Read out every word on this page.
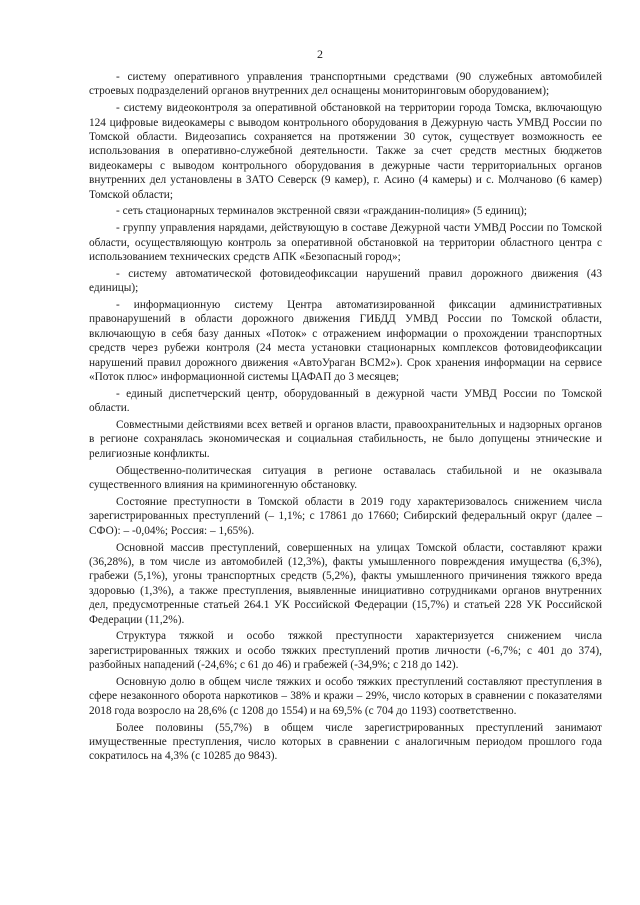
2

- систему оперативного управления транспортными средствами (90 служебных автомобилей строевых подразделений органов внутренних дел оснащены мониторинговым оборудованием);

- систему видеоконтроля за оперативной обстановкой на территории города Томска, включающую 124 цифровые видеокамеры с выводом контрольного оборудования в Дежурную часть УМВД России по Томской области. Видеозапись сохраняется на протяжении 30 суток, существует возможность ее использования в оперативно-служебной деятельности. Также за счет средств местных бюджетов видеокамеры с выводом контрольного оборудования в дежурные части территориальных органов внутренних дел установлены в ЗАТО Северск (9 камер), г. Асино (4 камеры) и с. Молчаново (6 камер) Томской области;

- сеть стационарных терминалов экстренной связи «гражданин-полиция» (5 единиц);

- группу управления нарядами, действующую в составе Дежурной части УМВД России по Томской области, осуществляющую контроль за оперативной обстановкой на территории областного центра с использованием технических средств АПК «Безопасный город»;

- систему автоматической фотовидеофиксации нарушений правил дорожного движения (43 единицы);

- информационную систему Центра автоматизированной фиксации административных правонарушений в области дорожного движения ГИБДД УМВД России по Томской области, включающую в себя базу данных «Поток» с отражением информации о прохождении транспортных средств через рубежи контроля (24 места установки стационарных комплексов фотовидеофиксации нарушений правил дорожного движения «АвтоУраган ВСМ2»). Срок хранения информации на сервисе «Поток плюс» информационной системы ЦАФАП до 3 месяцев;

- единый диспетчерский центр, оборудованный в дежурной части УМВД России по Томской области.

Совместными действиями всех ветвей и органов власти, правоохранительных и надзорных органов в регионе сохранялась экономическая и социальная стабильность, не было допущены этнические и религиозные конфликты.

Общественно-политическая ситуация в регионе оставалась стабильной и не оказывала существенного влияния на криминогенную обстановку.

Состояние преступности в Томской области в 2019 году характеризовалось снижением числа зарегистрированных преступлений (– 1,1%; с 17861 до 17660; Сибирский федеральный округ (далее – СФО): – -0,04%; Россия: – 1,65%).

Основной массив преступлений, совершенных на улицах Томской области, составляют кражи (36,28%), в том числе из автомобилей (12,3%), факты умышленного повреждения имущества (6,3%), грабежи (5,1%), угоны транспортных средств (5,2%), факты умышленного причинения тяжкого вреда здоровью (1,3%), а также преступления, выявленные инициативно сотрудниками органов внутренних дел, предусмотренные статьей 264.1 УК Российской Федерации (15,7%) и статьей 228 УК Российской Федерации (11,2%).

Структура тяжкой и особо тяжкой преступности характеризуется снижением числа зарегистрированных тяжких и особо тяжких преступлений против личности (-6,7%; с 401 до 374), разбойных нападений (-24,6%; с 61 до 46) и грабежей (-34,9%; с 218 до 142).

Основную долю в общем числе тяжких и особо тяжких преступлений составляют преступления в сфере незаконного оборота наркотиков – 38% и кражи – 29%, число которых в сравнении с показателями 2018 года возросло на 28,6% (с 1208 до 1554) и на 69,5% (с 704 до 1193) соответственно.

Более половины (55,7%) в общем числе зарегистрированных преступлений занимают имущественные преступления, число которых в сравнении с аналогичным периодом прошлого года сократилось на 4,3% (с 10285 до 9843).
